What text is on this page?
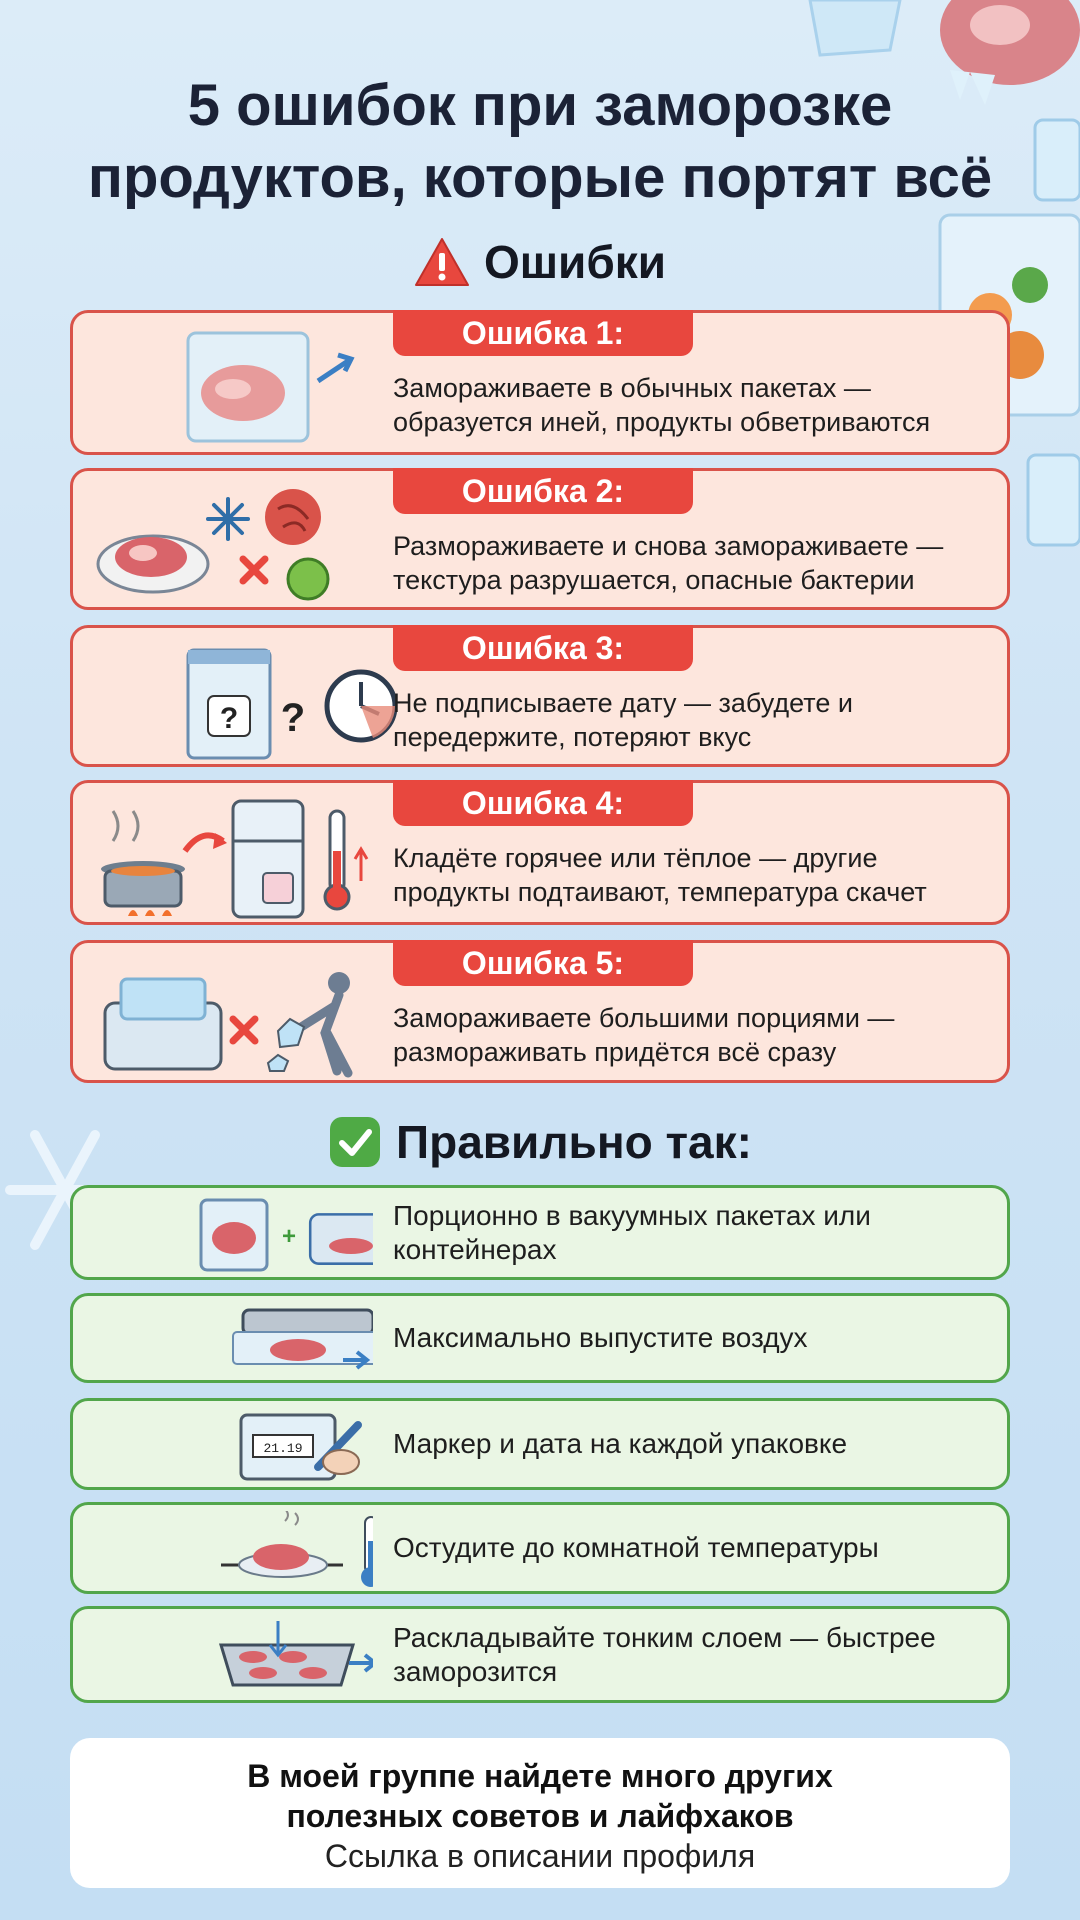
5 ошибок при заморозке
продуктов, которые портят всё
Ошибки
Ошибка 1:
Замораживаете в обычных пакетах — образуется иней, продукты обветриваются
Ошибка 2:
Размораживаете и снова замораживаете — текстура разрушается, опасные бактерии
Ошибка 3:
? ?	Не подписываете дату — забудете и передержите, потеряют вкус
Ошибка 4:
Кладёте горячее или тёплое — другие продукты подтаивают, температура скачет
Ошибка 5:
Замораживаете большими порциями — размораживать придётся всё сразу
Правильно так:
+
Порционно в вакуумных пакетах или контейнерах
Максимально выпустите воздух
21.19	Маркер и дата на каждой упаковке
Остудите до комнатной температуры
Раскладывайте тонким слоем — быстрее заморозится
В моей группе найдете много других
полезных советов и лайфхаков
Ссылка в описании профиля
